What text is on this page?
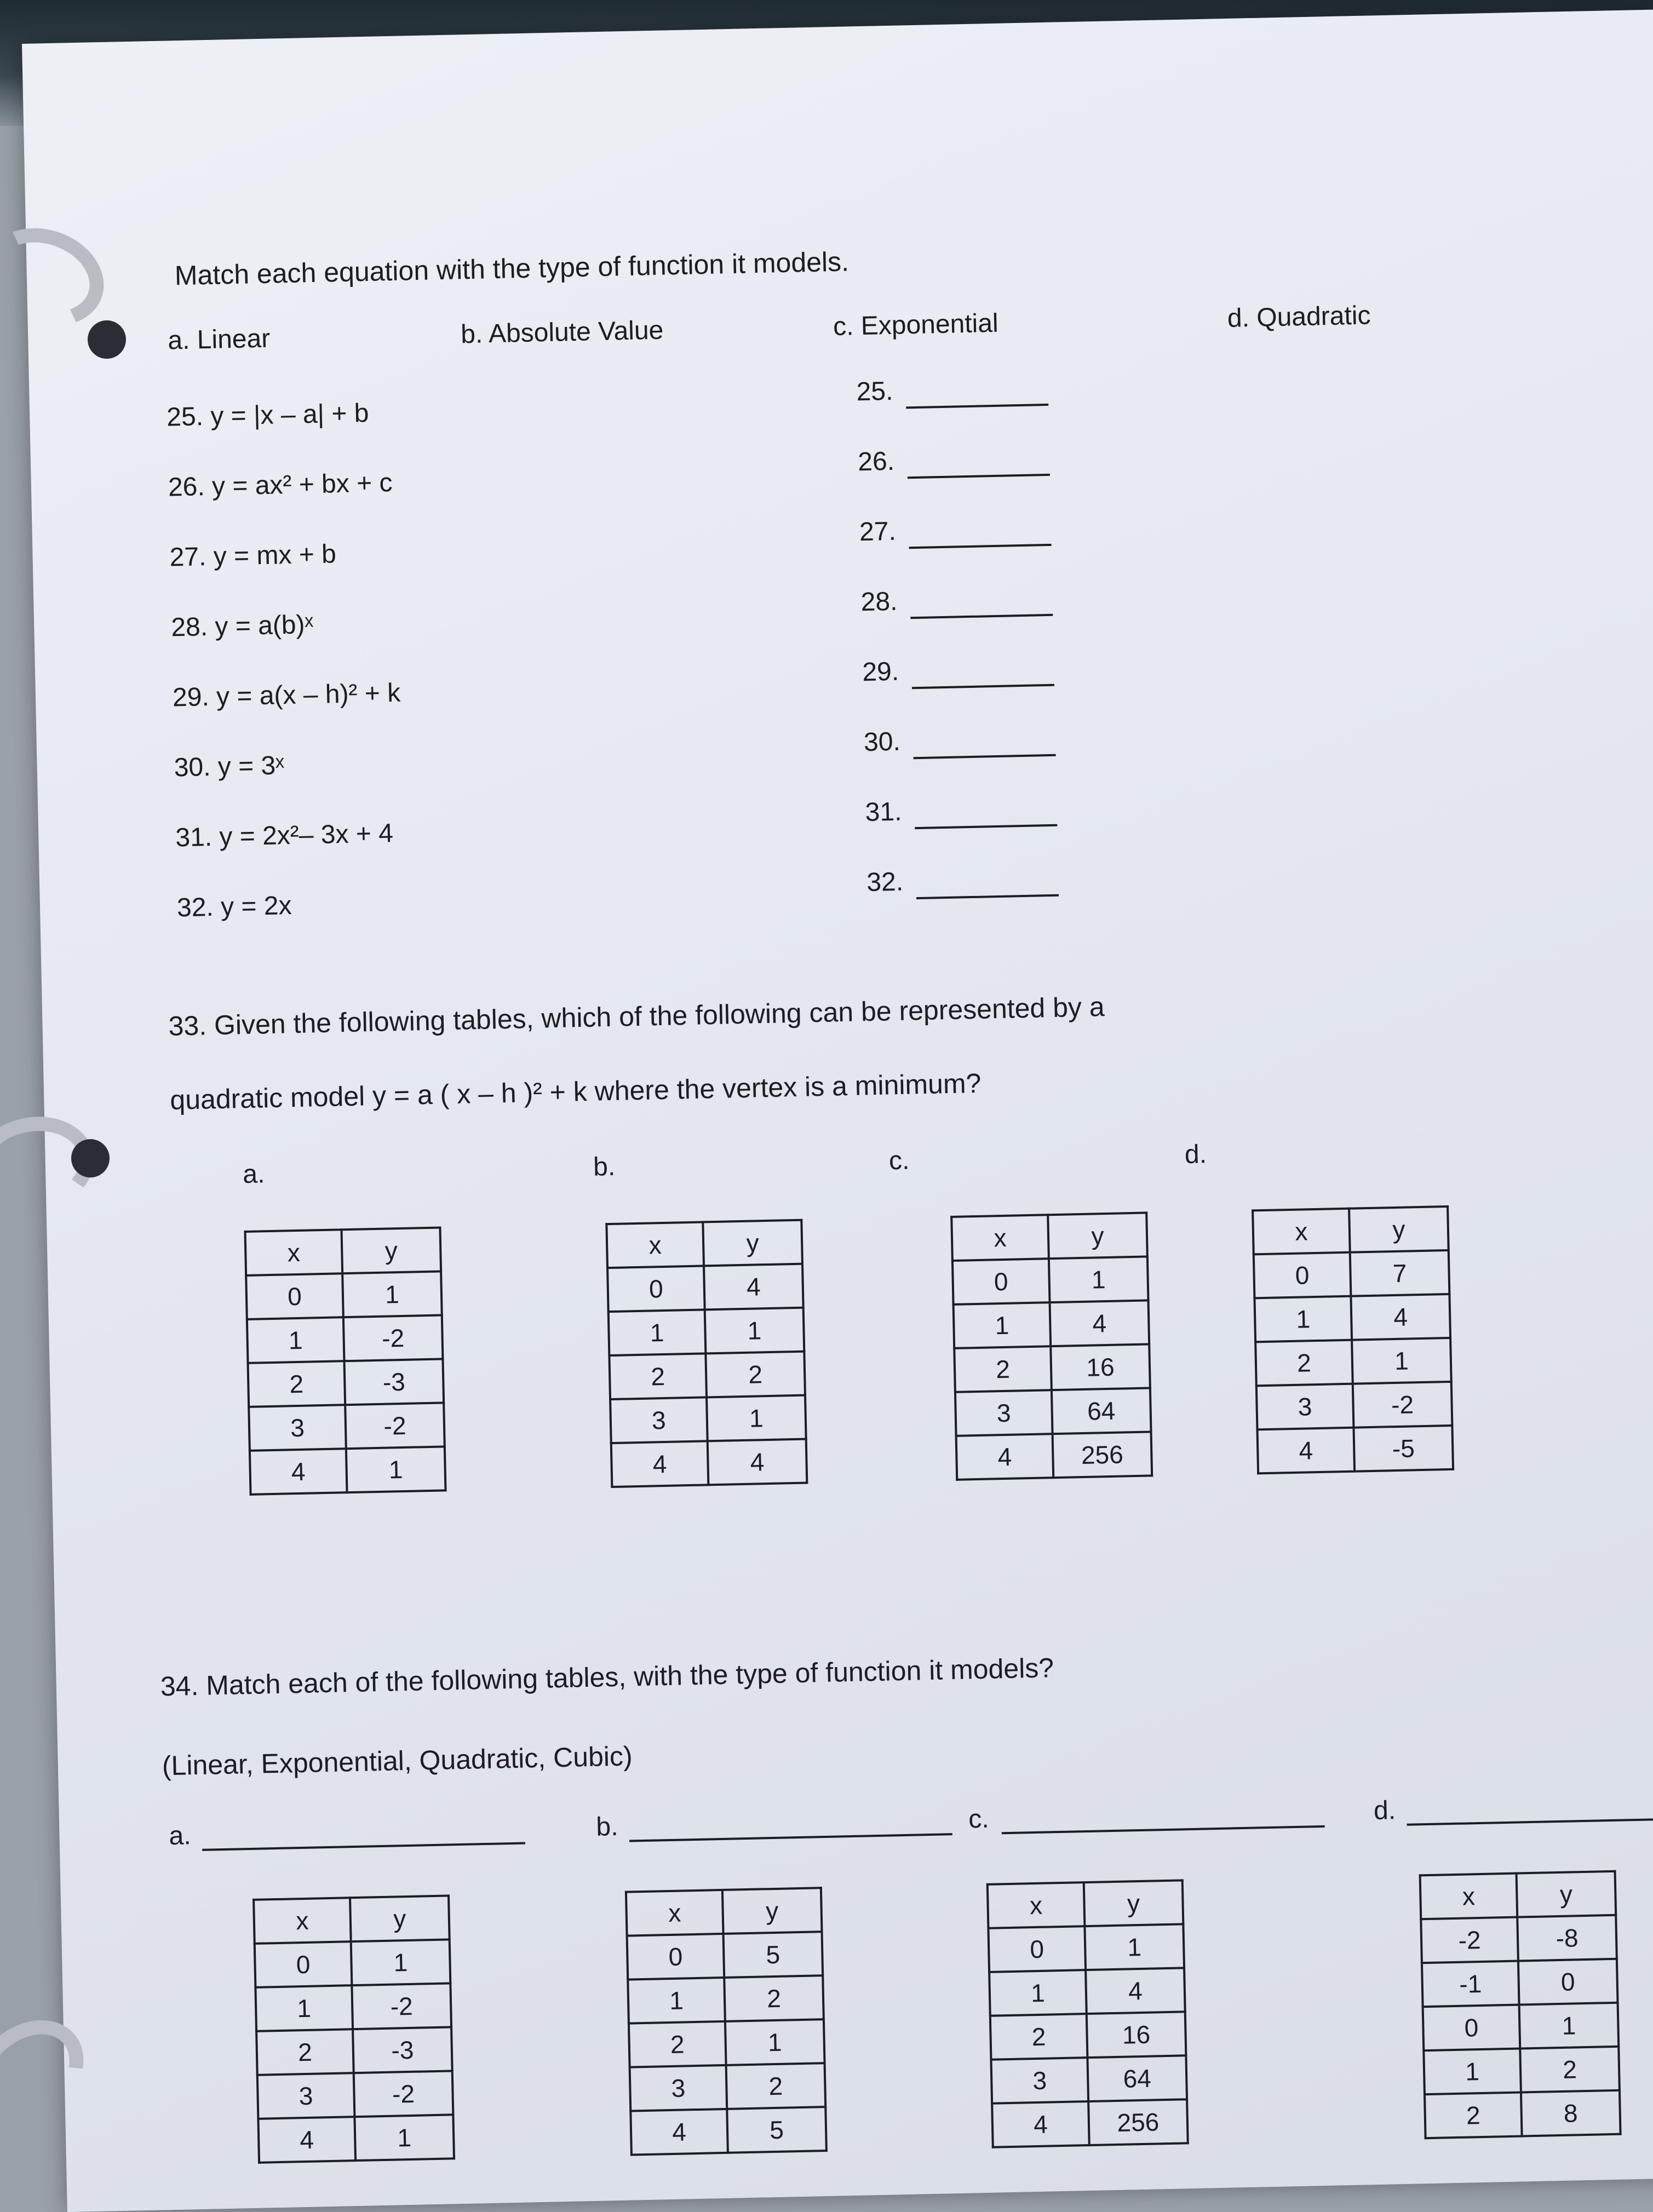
Match each equation with the type of function it models.
a. Linear	b. Absolute Value	c. Exponential	d. Quadratic
25. y = |x – a| + b
26. y = ax² + bx + c
27. y = mx + b
28. y = a(b)ˣ
29. y = a(x – h)² + k
30. y = 3ˣ
31. y = 2x²– 3x + 4
32. y = 2x
25.
26.
27.
28.
29.
30.
31.
32.
33. Given the following tables, which of the following can be represented by a
quadratic model y = a ( x – h )² + k where the vertex is a minimum?
a.
x	y
0	1
1	-2
2	-3
3	-2
4	1
b.
x	y
0	4
1	1
2	2
3	1
4	4
c.
x	y
0	1
1	4
2	16
3	64
4	256
d.
x	y
0	7
1	4
2	1
3	-2
4	-5
34. Match each of the following tables, with the type of function it models?
(Linear, Exponential, Quadratic, Cubic)
a.
x	y
0	1
1	-2
2	-3
3	-2
4	1
b.
x	y
0	5
1	2
2	1
3	2
4	5
c.
x	y
0	1
1	4
2	16
3	64
4	256
d.
x	y
-2	-8
-1	0
0	1
1	2
2	8
